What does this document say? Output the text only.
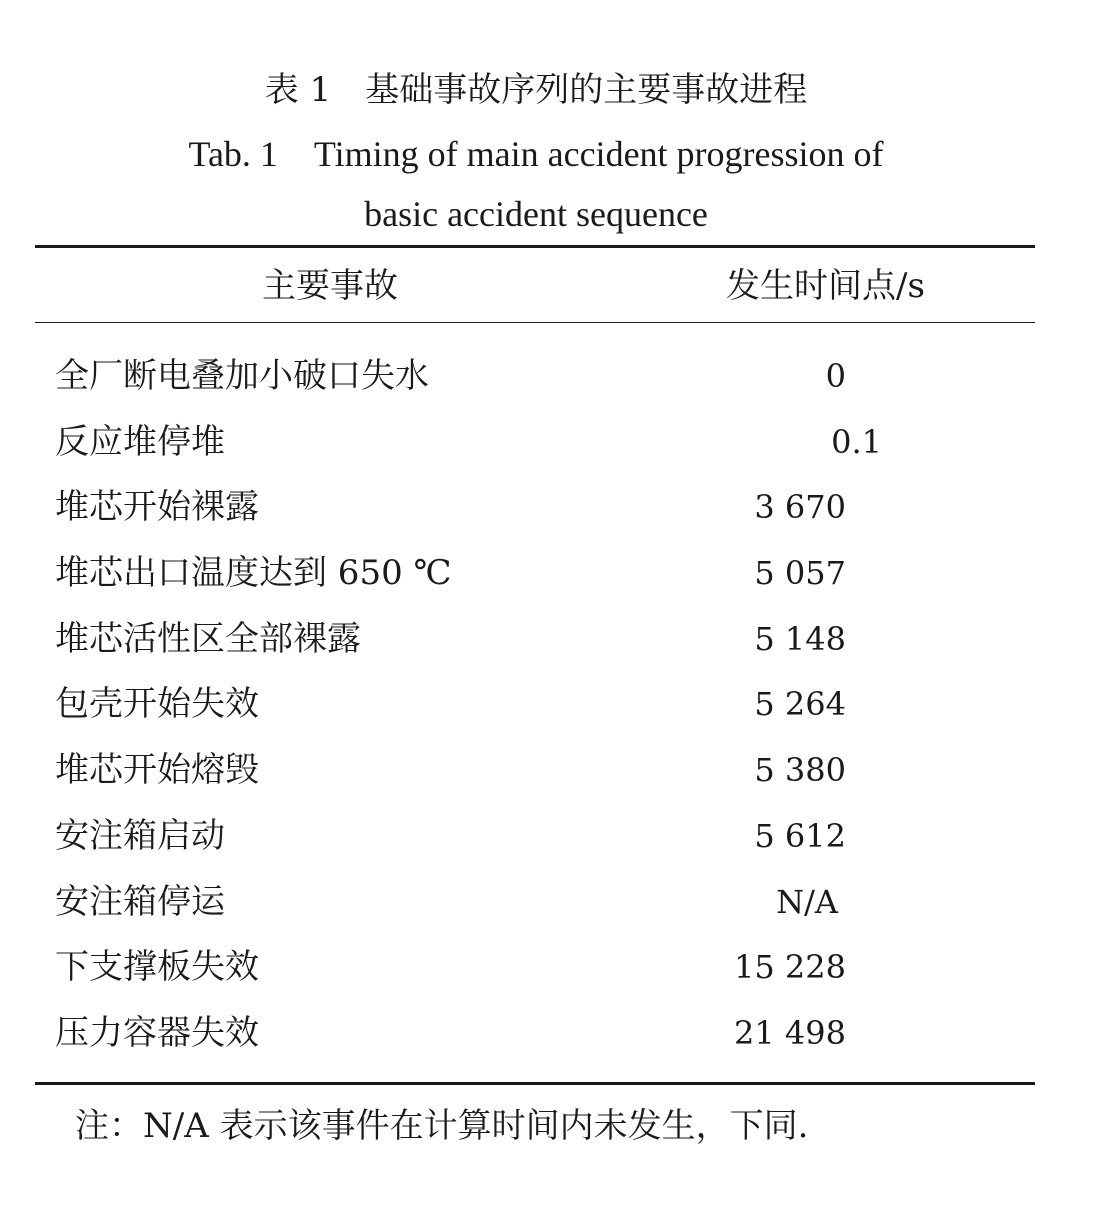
表 1　基础事故序列的主要事故进程
Tab. 1　Timing of main accident progression of
basic accident sequence
主要事故	发生时间点/s
全厂断电叠加小破口失水	0
反应堆停堆	0.1
堆芯开始裸露	3 670
堆芯出口温度达到 650 ℃	5 057
堆芯活性区全部裸露	5 148
包壳开始失效	5 264
堆芯开始熔毁	5 380
安注箱启动	5 612
安注箱停运	N/A
下支撑板失效	15 228
压力容器失效	21 498
注：N/A 表示该事件在计算时间内未发生，下同.
